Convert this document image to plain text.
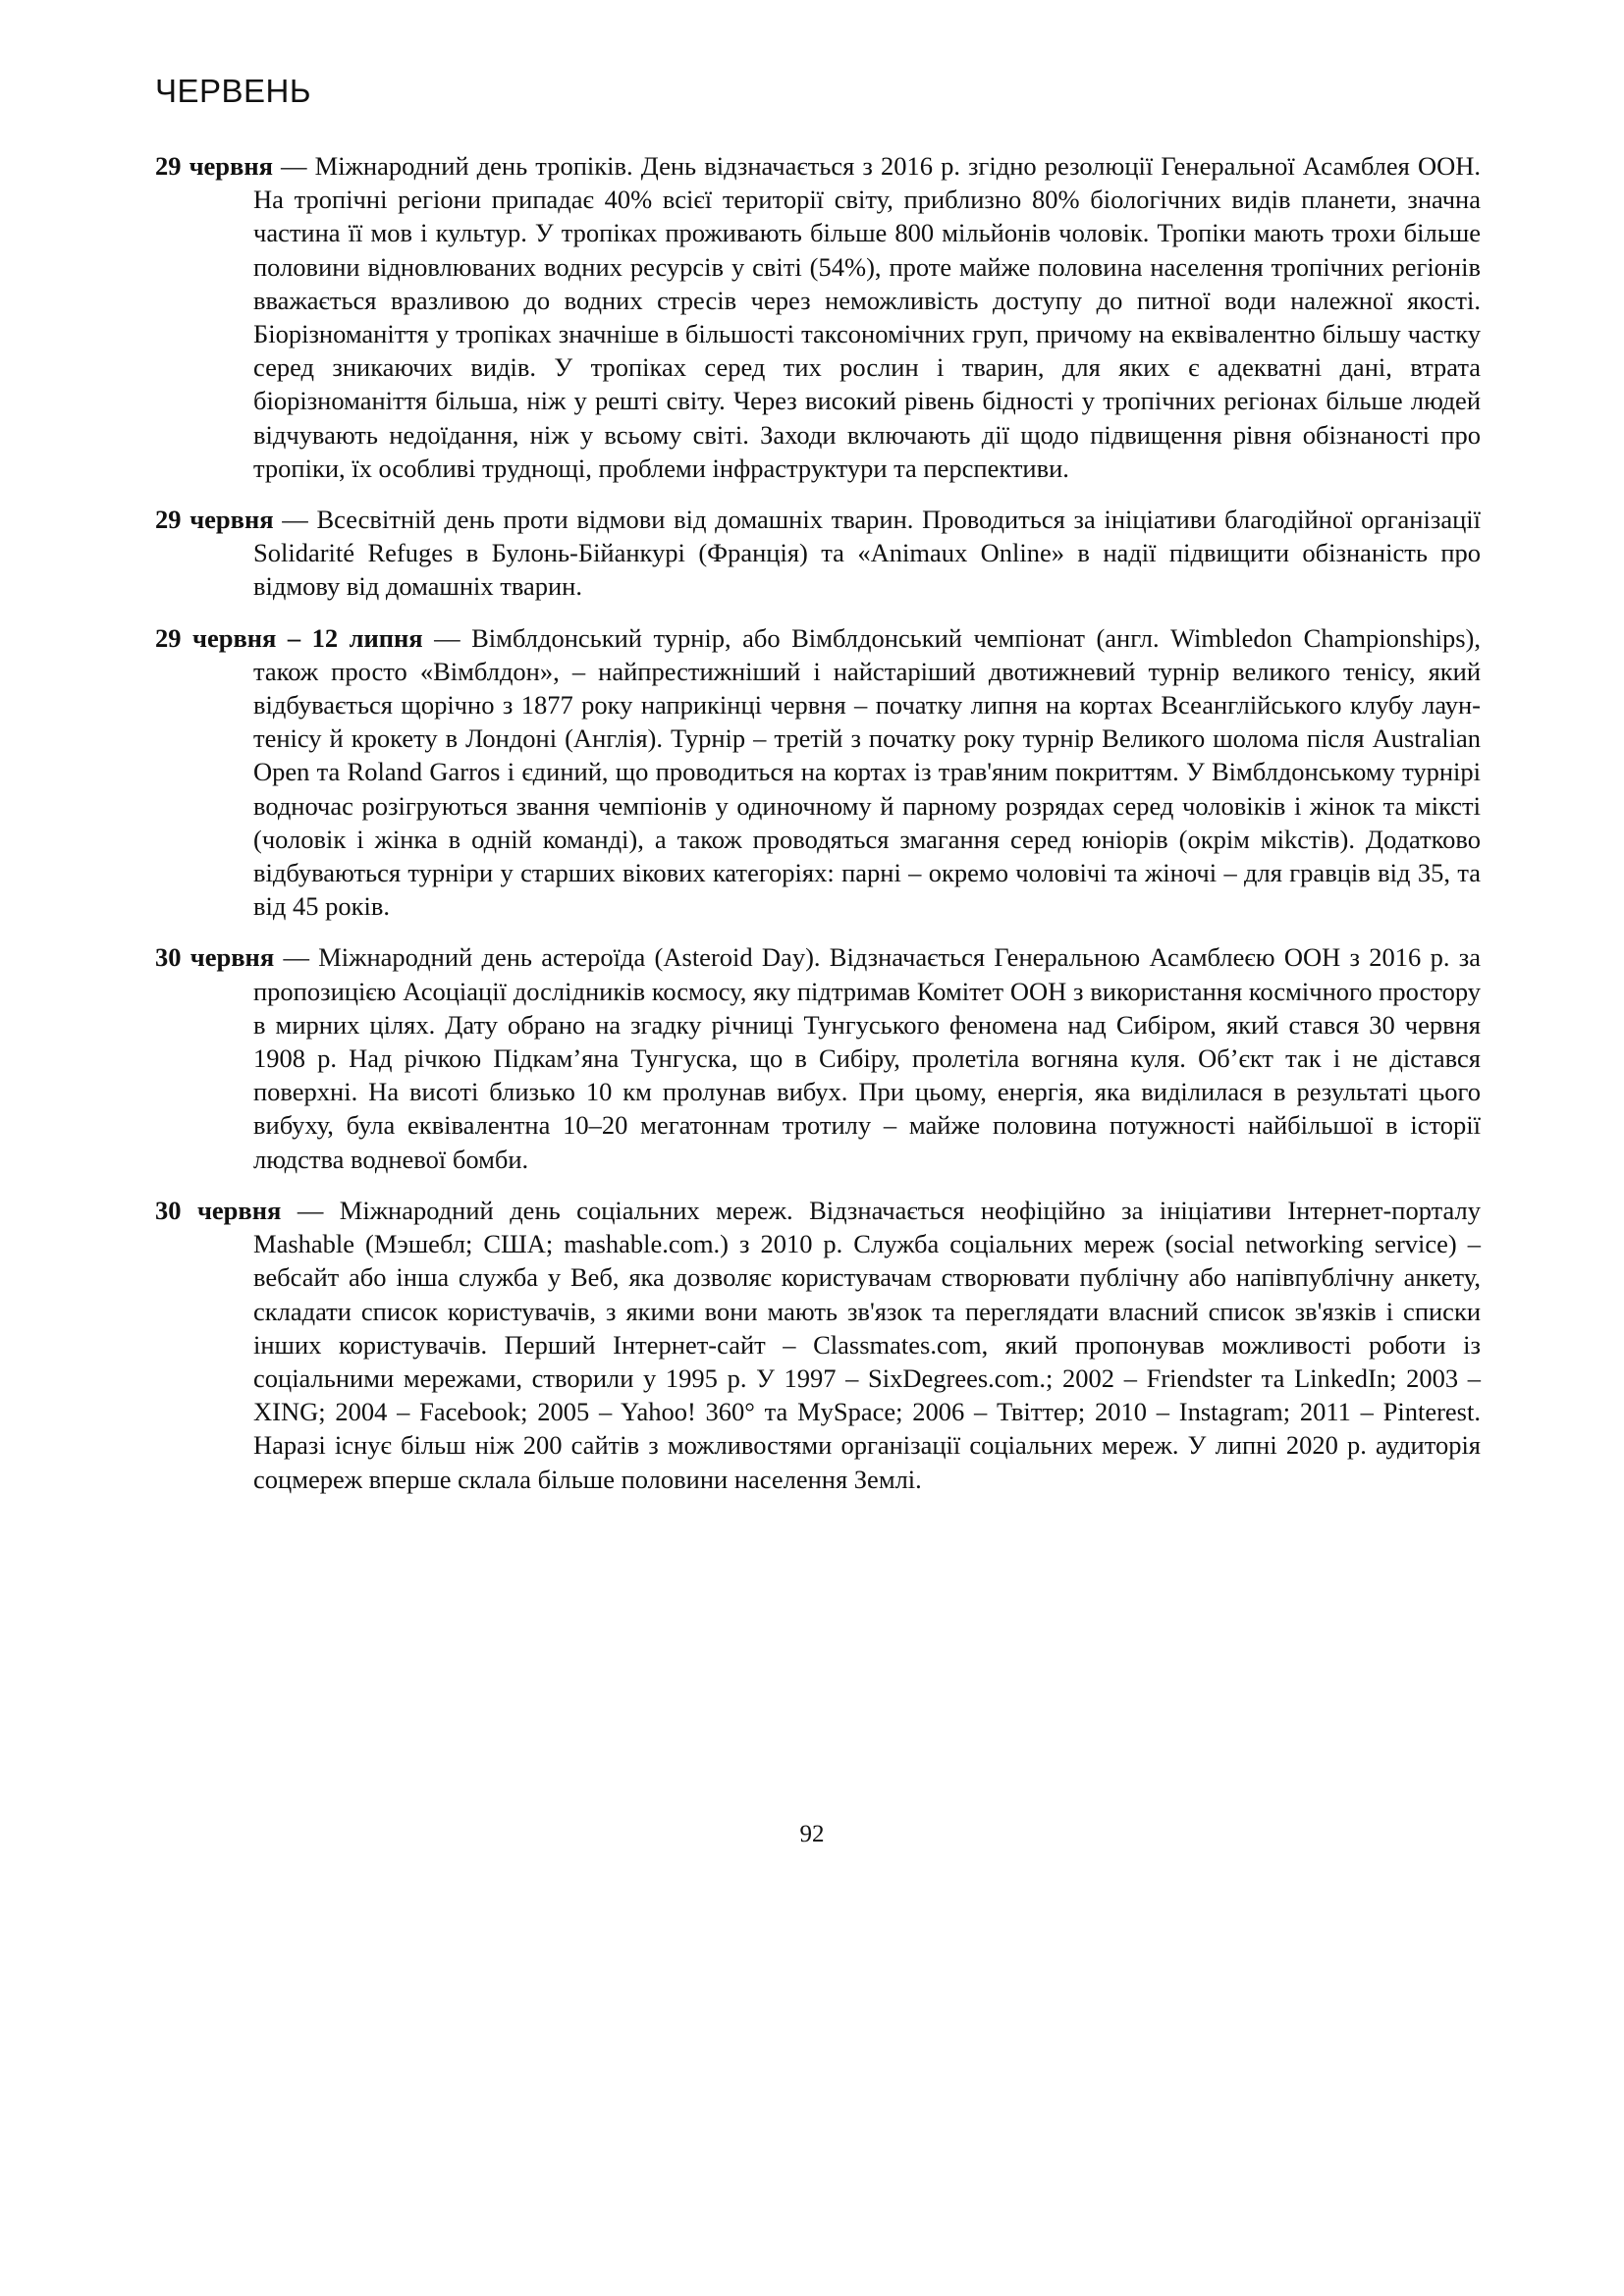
ЧЕРВЕНЬ

29 червня — Міжнародний день тропіків. День відзначається з 2016 р. згідно резолюції Генеральної Асамблея ООН. На тропічні регіони припадає 40% всієї території світу, приблизно 80% біологічних видів планети, значна частина її мов і культур. У тропіках проживають більше 800 мільйонів чоловік. Тропіки мають трохи більше половини відновлюваних водних ресурсів у світі (54%), проте майже половина населення тропічних регіонів вважається вразливою до водних стресів через неможливість доступу до питної води належної якості. Біорізноманіття у тропіках значніше в більшості таксономічних груп, причому на еквівалентно більшу частку серед зникаючих видів. У тропіках серед тих рослин і тварин, для яких є адекватні дані, втрата біорізноманіття більша, ніж у решті світу. Через високий рівень бідності у тропічних регіонах більше людей відчувають недоїдання, ніж у всьому світі. Заходи включають дії щодо підвищення рівня обізнаності про тропіки, їх особливі труднощі, проблеми інфраструктури та перспективи.

29 червня — Всесвітній день проти відмови від домашніх тварин. Проводиться за ініціативи благодійної організації Solidarité Refuges в Булонь-Бійанкурі (Франція) та «Animaux Online» в надії підвищити обізнаність про відмову від домашніх тварин.

29 червня – 12 липня — Вімблдонський турнір, або Вімблдонський чемпіонат (англ. Wimbledon Championships), також просто «Вімблдон», – найпрестижніший і найстаріший двотижневий турнір великого тенісу, який відбувається щорічно з 1877 року наприкінці червня – початку липня на кортах Всеанглійського клубу лаун-тенісу й крокету в Лондоні (Англія). Турнір – третій з початку року турнір Великого шолома після Australian Open та Roland Garros і єдиний, що проводиться на кортах із трав'яним покриттям. У Вімблдонському турнірі водночас розігруються звання чемпіонів у одиночному й парному розрядах серед чоловіків і жінок та міксті (чоловік і жінка в одній команді), а також проводяться змагання серед юніорів (окрім міkстів). Додатково відбуваються турніри у старших вікових категоріях: парні – окремо чоловічі та жіночі – для гравців від 35, та від 45 років.

30 червня — Міжнародний день астероїда (Asteroid Day). Відзначається Генеральною Асамблеєю ООН з 2016 р. за пропозицією Асоціації дослідників космосу, яку підтримав Комітет ООН з використання космічного простору в мирних цілях. Дату обрано на згадку річниці Тунгуського феномена над Сибіром, який стався 30 червня 1908 р. Над річкою Підкам’яна Тунгуска, що в Сибіру, пролетіла вогняна куля. Об’єкт так і не дістався поверхні. На висоті близько 10 км пролунав вибух. При цьому, енергія, яка виділилася в результаті цього вибуху, була еквівалентна 10–20 мегатоннам тротилу – майже половина потужності найбільшої в історії людства водневої бомби.

30 червня — Міжнародний день соціальних мереж. Відзначається неофіційно за ініціативи Інтернет-порталу Mashable (Мэшебл; США; mashable.com.) з 2010 р. Служба соціальних мереж (social networking service) – вебсайт або інша служба у Веб, яка дозволяє користувачам створювати публічну або напівпублічну анкету, складати список користувачів, з якими вони мають зв'язок та переглядати власний список зв'язків і списки інших користувачів. Перший Інтернет-сайт – Classmates.com, який пропонував можливості роботи із соціальними мережами, створили у 1995 р. У 1997 – SixDegrees.com.; 2002 – Friendster та LinkedIn; 2003 – XING; 2004 – Facebook; 2005 – Yahoo! 360° та MySpace; 2006 – Твіттер; 2010 – Instagram; 2011 – Pinterest. Наразі існує більш ніж 200 сайтів з можливостями організації соціальних мереж. У липні 2020 р. аудиторія соцмереж вперше склала більше половини населення Землі.

92
